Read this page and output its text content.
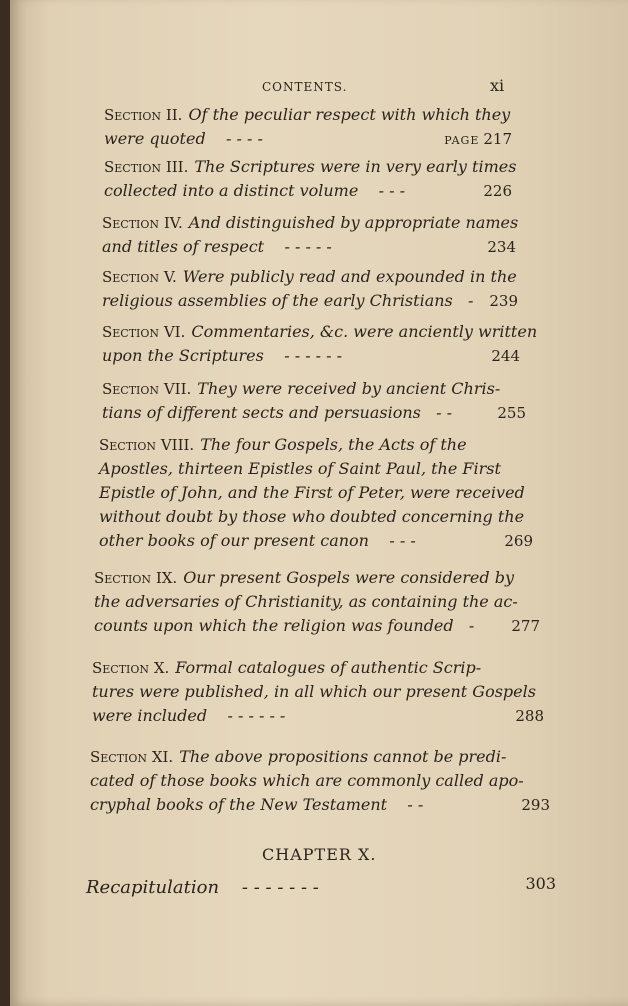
CONTENTS.	xi
Section II. Of the peculiar respect with which they
were quoted - - - -	PAGE 217
Section III. The Scriptures were in very early times
collected into a distinct volume - - -	226
Section IV. And distinguished by appropriate names
and titles of respect - - - - -	234
Section V. Were publicly read and expounded in the
religious assemblies of the early Christians - 239
Section VI. Commentaries, &c. were anciently written
upon the Scriptures - - - - - -	244
Section VII. They were received by ancient Chris-
tians of different sects and persuasions - -	255
Section VIII. The four Gospels, the Acts of the
Apostles, thirteen Epistles of Saint Paul, the First
Epistle of John, and the First of Peter, were received
without doubt by those who doubted concerning the
other books of our present canon - - -	269
Section IX. Our present Gospels were considered by
the adversaries of Christianity, as containing the ac-
counts upon which the religion was founded - 277
Section X. Formal catalogues of authentic Scrip-
tures were published, in all which our present Gospels
were included - - - - - -	288
Section XI. The above propositions cannot be predi-
cated of those books which are commonly called apo-
cryphal books of the New Testament - -	293
CHAPTER X.
Recapitulation - - - - - - -	303
